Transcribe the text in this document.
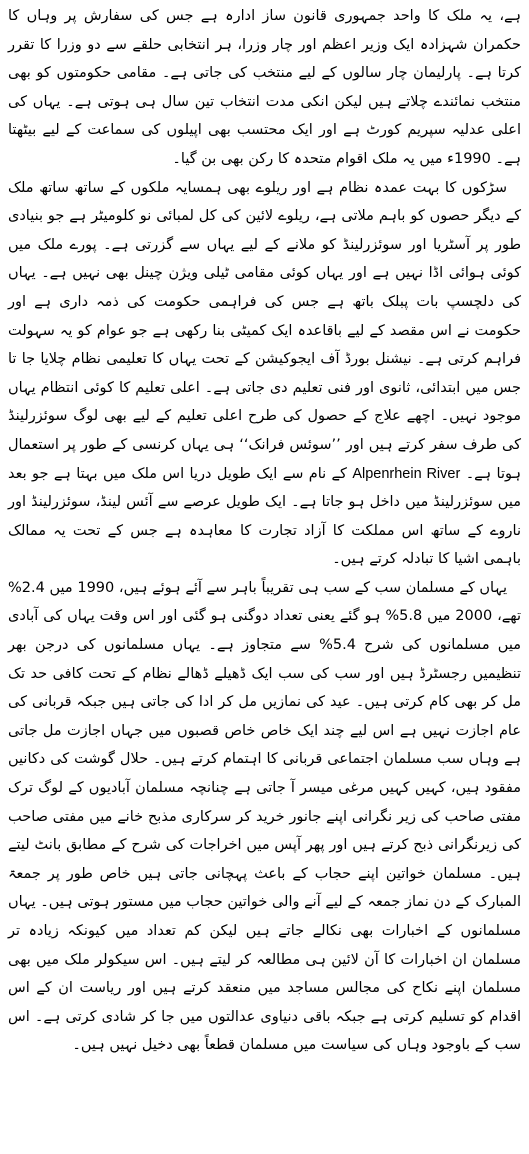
ہے، یہ ملک کا واحد جمہوری قانون ساز ادارہ ہے جس کی سفارش پر وہاں کا حکمران شہزادہ ایک وزیر اعظم اور چار وزرا، ہر انتخابی حلقے سے دو وزرا کا تقرر کرتا ہے۔ پارلیمان چار سالوں کے لیے منتخب کی جاتی ہے۔ مقامی حکومتوں کو بھی منتخب نمائندے چلاتے ہیں لیکن انکی مدت انتخاب تین سال ہی ہوتی ہے۔ یہاں کی اعلی عدلیہ سپریم کورٹ ہے اور ایک محتسب بھی اپیلوں کی سماعت کے لیے بیٹھتا ہے۔ 1990ء میں یہ ملک اقوام متحدہ کا رکن بھی بن گیا۔

سڑکوں کا بہت عمدہ نظام ہے اور ریلوے بھی ہمسایہ ملکوں کے ساتھ ساتھ ملک کے دیگر حصوں کو باہم ملاتی ہے، ریلوے لائین کی کل لمبائی نو کلومیٹر ہے جو بنیادی طور پر آسٹریا اور سوئزرلینڈ کو ملانے کے لیے یہاں سے گزرتی ہے۔ پورے ملک میں کوئی ہوائی اڈا نہیں ہے اور یہاں کوئی مقامی ٹیلی ویژن چینل بھی نہیں ہے۔ یہاں کی دلچسپ بات پبلک باتھ ہے جس کی فراہمی حکومت کی ذمہ داری ہے اور حکومت نے اس مقصد کے لیے باقاعدہ ایک کمیٹی بنا رکھی ہے جو عوام کو یہ سہولت فراہم کرتی ہے۔ نیشنل بورڈ آف ایجوکیشن کے تحت یہاں کا تعلیمی نظام چلایا جا تا جس میں ابتدائی، ثانوی اور فنی تعلیم دی جاتی ہے۔ اعلی تعلیم کا کوئی انتظام یہاں موجود نہیں۔ اچھے علاج کے حصول کی طرح اعلی تعلیم کے لیے بھی لوگ سوئزرلینڈ کی طرف سفر کرتے ہیں اور ’’سوئس فرانک‘‘ ہی یہاں کرنسی کے طور پر استعمال ہوتا ہے۔ Alpenrhein River کے نام سے ایک طویل دریا اس ملک میں بہتا ہے جو بعد میں سوئزرلینڈ میں داخل ہو جاتا ہے۔ ایک طویل عرصے سے آئس لینڈ، سوئزرلینڈ اور ناروے کے ساتھ اس مملکت کا آزاد تجارت کا معاہدہ ہے جس کے تحت یہ ممالک باہمی اشیا کا تبادلہ کرتے ہیں۔

یہاں کے مسلمان سب کے سب ہی تقریباً باہر سے آئے ہوئے ہیں، 1990 میں 2.4% تھے، 2000 میں 5.8% ہو گئے یعنی تعداد دوگنی ہو گئی اور اس وقت یہاں کی آبادی میں مسلمانوں کی شرح 5.4% سے متجاوز ہے۔ یہاں مسلمانوں کی درجن بھر تنظیمیں رجسٹرڈ ہیں اور سب کی سب ایک ڈھیلے ڈھالے نظام کے تحت کافی حد تک مل کر بھی کام کرتی ہیں۔ عید کی نمازیں مل کر ادا کی جاتی ہیں جبکہ قربانی کی عام اجازت نہیں ہے اس لیے چند ایک خاص خاص قصبوں میں جہاں اجازت مل جاتی ہے وہاں سب مسلمان اجتماعی قربانی کا اہتمام کرتے ہیں۔ حلال گوشت کی دکانیں مفقود ہیں، کہیں کہیں مرغی میسر آ جاتی ہے چنانچہ مسلمان آبادیوں کے لوگ ترک مفتی صاحب کی زیر نگرانی اپنے جانور خرید کر سرکاری مذبح خانے میں مفتی صاحب کی زیرنگرانی ذبح کرتے ہیں اور پھر آپس میں اخراجات کی شرح کے مطابق بانٹ لیتے ہیں۔ مسلمان خواتین اپنے حجاب کے باعث پہچانی جاتی ہیں خاص طور پر جمعۃ المبارک کے دن نماز جمعہ کے لیے آنے والی خواتین حجاب میں مستور ہوتی ہیں۔ یہاں مسلمانوں کے اخبارات بھی نکالے جاتے ہیں لیکن کم تعداد میں کیونکہ زیادہ تر مسلمان ان اخبارات کا آن لائین ہی مطالعہ کر لیتے ہیں۔ اس سیکولر ملک میں بھی مسلمان اپنے نکاح کی مجالس مساجد میں منعقد کرتے ہیں اور ریاست ان کے اس اقدام کو تسلیم کرتی ہے جبکہ باقی دنیاوی عدالتوں میں جا کر شادی کرتی ہے۔ اس سب کے باوجود وہاں کی سیاست میں مسلمان قطعاً بھی دخیل نہیں ہیں۔
